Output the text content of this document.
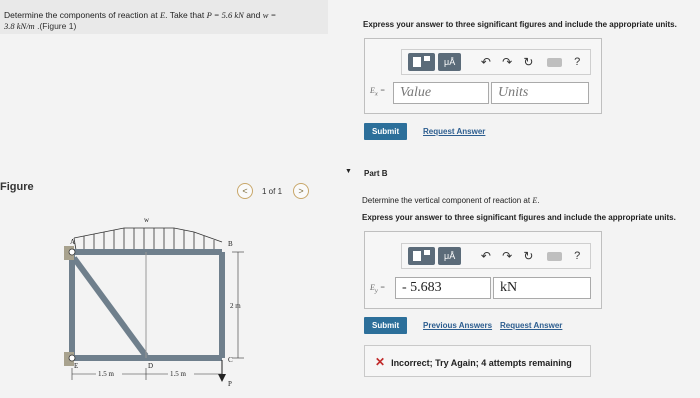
Determine the components of reaction at E. Take that P = 5.6 kN and w =
3.8 kN/m .(Figure 1)	Express your answer to three significant figures and include the appropriate units.
μÅ	↶ ↷ ↻	?
$E_x$ =	Value	Units
Submit	Request Answer
▼ Part B
Determine the vertical component of reaction at E.
Express your answer to three significant figures and include the appropriate units.
μÅ	↶ ↷ ↻	?
$E_y$ =	- 5.683	kN
Submit	Previous Answers Request Answer
✕ Incorrect; Try Again; 4 attempts remaining
Figure	<	1 of 1	>
w
A	B
C
D
E
P
2 m
1.5 m	1.5 m
